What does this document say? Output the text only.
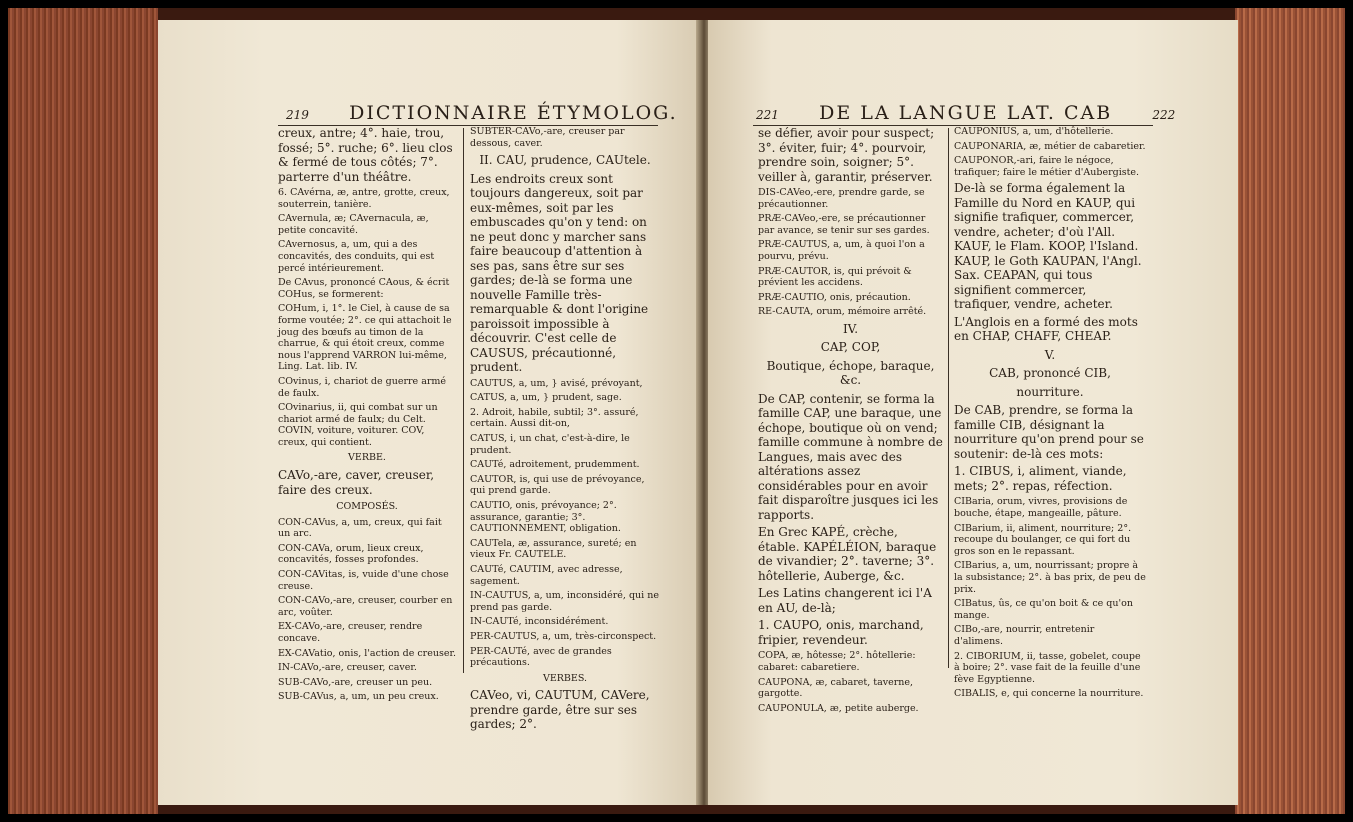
219 DICTIONNAIRE ÉTYMOLOG.

creux, antre; 4°. haie, trou, fossé; 5°. ruche; 6°. lieu clos & fermé de tous côtés; 7°. parterre d'un théâtre.

6. CAvérna, æ, antre, grotte, creux, souterrein, tanière.

CAvernula, æ; CAvernacula, æ, petite concavité.

CAvernosus, a, um, qui a des concavités, des conduits, qui est percé intérieurement.

De CAvus, prononcé CAous, & écrit COHus, se formerent:

COHum, i, 1°. le Ciel, à cause de sa forme voutée; 2°. ce qui attachoit le joug des bœufs au timon de la charrue, & qui étoit creux, comme nous l'apprend VARRON lui-même, Ling. Lat. lib. IV.

COvinus, i, chariot de guerre armé de faulx.

COvinarius, ii, qui combat sur un chariot armé de faulx; du Celt. COVIN, voiture, voiturer. COV, creux, qui contient.

VERBE.

CAVo,-are, caver, creuser, faire des creux.

COMPOSÉS.

CON-CAVus, a, um, creux, qui fait un arc.

CON-CAVa, orum, lieux creux, concavités, fosses profondes.

CON-CAVitas, is, vuide d'une chose creuse.

CON-CAVo,-are, creuser, courber en arc, voûter.

EX-CAVo,-are, creuser, rendre concave.

EX-CAVatio, onis, l'action de creuser.

IN-CAVo,-are, creuser, caver.

SUB-CAVo,-are, creuser un peu.

SUB-CAVus, a, um, un peu creux.

SUBTER-CAVo,-are, creuser par dessous, caver.

II. CAU, prudence, CAUtele.

Les endroits creux sont toujours dangereux, soit par eux-mêmes, soit par les embuscades qu'on y tend: on ne peut donc y marcher sans faire beaucoup d'attention à ses pas, sans être sur ses gardes; de-là se forma une nouvelle Famille très-remarquable & dont l'origine paroissoit impossible à découvrir. C'est celle de CAUSUS, précautionné, prudent.

CAUTUS, a, um, } avisé, prévoyant,

CATUS, a, um, } prudent, sage.

2. Adroit, habile, subtil; 3°. assuré, certain. Aussi dit-on,

CATUS, i, un chat, c'est-à-dire, le prudent.

CAUTé, adroitement, prudemment.

CAUTOR, is, qui use de prévoyance, qui prend garde.

CAUTIO, onis, prévoyance; 2°. assurance, garantie; 3°. CAUTIONNEMENT, obligation.

CAUTela, æ, assurance, sureté; en vieux Fr. CAUTELE.

CAUTé, CAUTIM, avec adresse, sagement.

IN-CAUTUS, a, um, inconsidéré, qui ne prend pas garde.

IN-CAUTé, inconsidérément.

PER-CAUTUS, a, um, très-circonspect.

PER-CAUTé, avec de grandes précautions.

VERBES.

CAVeo, vi, CAUTUM, CAVere, prendre garde, être sur ses gardes; 2°.

221 DE LA LANGUE LAT. CAB	222

se défier, avoir pour suspect; 3°. éviter, fuir; 4°. pourvoir, prendre soin, soigner; 5°. veiller à, garantir, préserver.

DIS-CAVeo,-ere, prendre garde, se précautionner.

PRÆ-CAVeo,-ere, se précautionner par avance, se tenir sur ses gardes.

PRÆ-CAUTUS, a, um, à quoi l'on a pourvu, prévu.

PRÆ-CAUTOR, is, qui prévoit & prévient les accidens.

PRÆ-CAUTIO, onis, précaution.

RE-CAUTA, orum, mémoire arrêté.

IV.

CAP, COP,

Boutique, échope, baraque, &c.

De CAP, contenir, se forma la famille CAP, une baraque, une échope, boutique où on vend; famille commune à nombre de Langues, mais avec des altérations assez considérables pour en avoir fait disparoître jusques ici les rapports.

En Grec KAPÉ, crèche, étable. KAPÉLÉION, baraque de vivandier; 2°. taverne; 3°. hôtellerie, Auberge, &c.

Les Latins changerent ici l'A en AU, de-là;

1. CAUPO, onis, marchand, fripier, revendeur.

COPA, æ, hôtesse; 2°. hôtellerie: cabaret: cabaretiere.

CAUPONA, æ, cabaret, taverne, gargotte.

CAUPONULA, æ, petite auberge.

CAUPONIUS, a, um, d'hôtellerie.

CAUPONARIA, æ, métier de cabaretier.

CAUPONOR,-ari, faire le négoce, trafiquer; faire le métier d'Aubergiste.

De-là se forma également la Famille du Nord en KAUP, qui signifie trafiquer, commercer, vendre, acheter; d'où l'All. KAUF, le Flam. KOOP, l'Island. KAUP, le Goth KAUPAN, l'Angl. Sax. CEAPAN, qui tous signifient commercer, trafiquer, vendre, acheter.

L'Anglois en a formé des mots en CHAP, CHAFF, CHEAP.

V.

CAB, prononcé CIB,

nourriture.

De CAB, prendre, se forma la famille CIB, désignant la nourriture qu'on prend pour se soutenir: de-là ces mots:

1. CIBUS, i, aliment, viande, mets; 2°. repas, réfection.

CIBaria, orum, vivres, provisions de bouche, étape, mangeaille, pâture.

CIBarium, ii, aliment, nourriture; 2°. recoupe du boulanger, ce qui fort du gros son en le repassant.

CIBarius, a, um, nourrissant; propre à la subsistance; 2°. à bas prix, de peu de prix.

CIBatus, ûs, ce qu'on boit & ce qu'on mange.

CIBo,-are, nourrir, entretenir d'alimens.

2. CIBORIUM, ii, tasse, gobelet, coupe à boire; 2°. vase fait de la feuille d'une fève Egyptienne.

CIBALIS, e, qui concerne la nourriture.
